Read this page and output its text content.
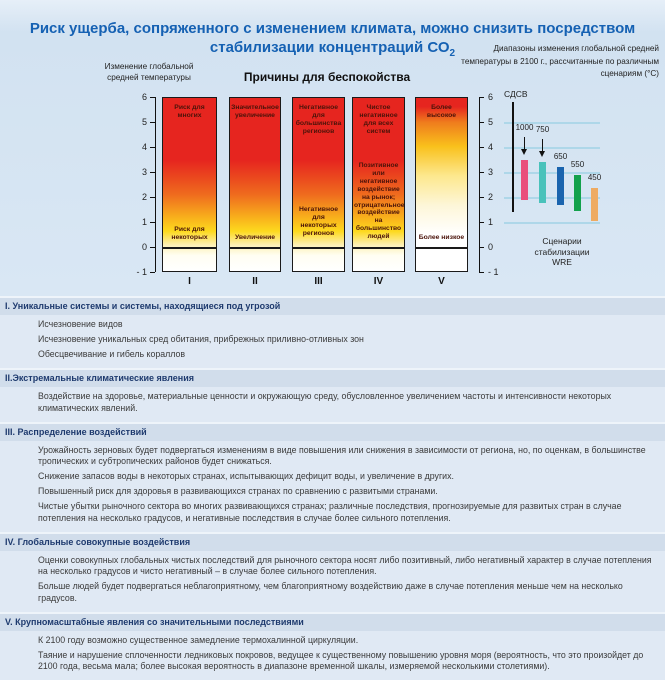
Риск ущерба, сопряженного с изменением климата, можно снизить посредством
стабилизации концентраций $СО_2$
Изменение глобальной средней температуры	Причины для беспокойства
Диапазоны изменения глобальной средней температуры в 2100 г., рассчитанные по различным сценариям (°C)
Риск для многих
Риск для некоторых
Значительное увеличение
Увеличение
Негативное для большинства регионов
Негативное для некоторых регионов
Чистое негативное для всех систем
Позитивное или негативное воздействие на рынок; отрицательное воздействие на большинство людей
Более высокое
Более низкое
I	II	III	IV	V
СДСВ
Сценарии стабилизации WRE
6	6
5	5
4	4
3	3
2	2
1	1
0	0
- 1	- 1
1000 750
650
550
450
I. Уникальные системы и системы, находящиеся под угрозой

Исчезновение видов

Исчезновение уникальных сред обитания, прибрежных приливно-отливных зон

Обесцвечивание и гибель кораллов

II.Экстремальные климатические явления

Воздействие на здоровье, материальные ценности и окружающую среду, обусловленное увеличением частоты и интенсивности некоторых климатических явлений.

III. Распределение воздействий

Урожайность зерновых будет подвергаться изменениям в виде повышения или снижения в зависимости от региона, но, по оценкам, в большинстве тропических и субтропических районов будет снижаться.

Снижение запасов воды в некоторых странах, испытывающих дефицит воды, и увеличение в других.

Повышенный риск для здоровья в развивающихся странах по сравнению с развитыми странами.

Чистые убытки рыночного сектора во многих развивающихся странах; различные последствия, прогнозируемые для развитых стран в случае потепления на несколько градусов, и негативные последствия в случае более сильного потепления.

IV. Глобальные совокупные воздействия

Оценки совокупных глобальных чистых последствий для рыночного сектора носят либо позитивный, либо негативный характер в случае потепления на несколько градусов и чисто негативный – в случае более сильного потепления.

Больше людей будет подвергаться неблагоприятному, чем благоприятному воздействию даже в случае потепления меньше чем на несколько градусов.

V. Крупномасштабные явления со значительными последствиями

К 2100 году возможно существенное замедление термохалинной циркуляции.

Таяние и нарушение сплоченности ледниковых покровов, ведущее к существенному повышению уровня моря (вероятность, что это произойдет до 2100 года, весьма мала; более высокая вероятность в диапазоне временной шкалы, измеряемой несколькими столетиями).
